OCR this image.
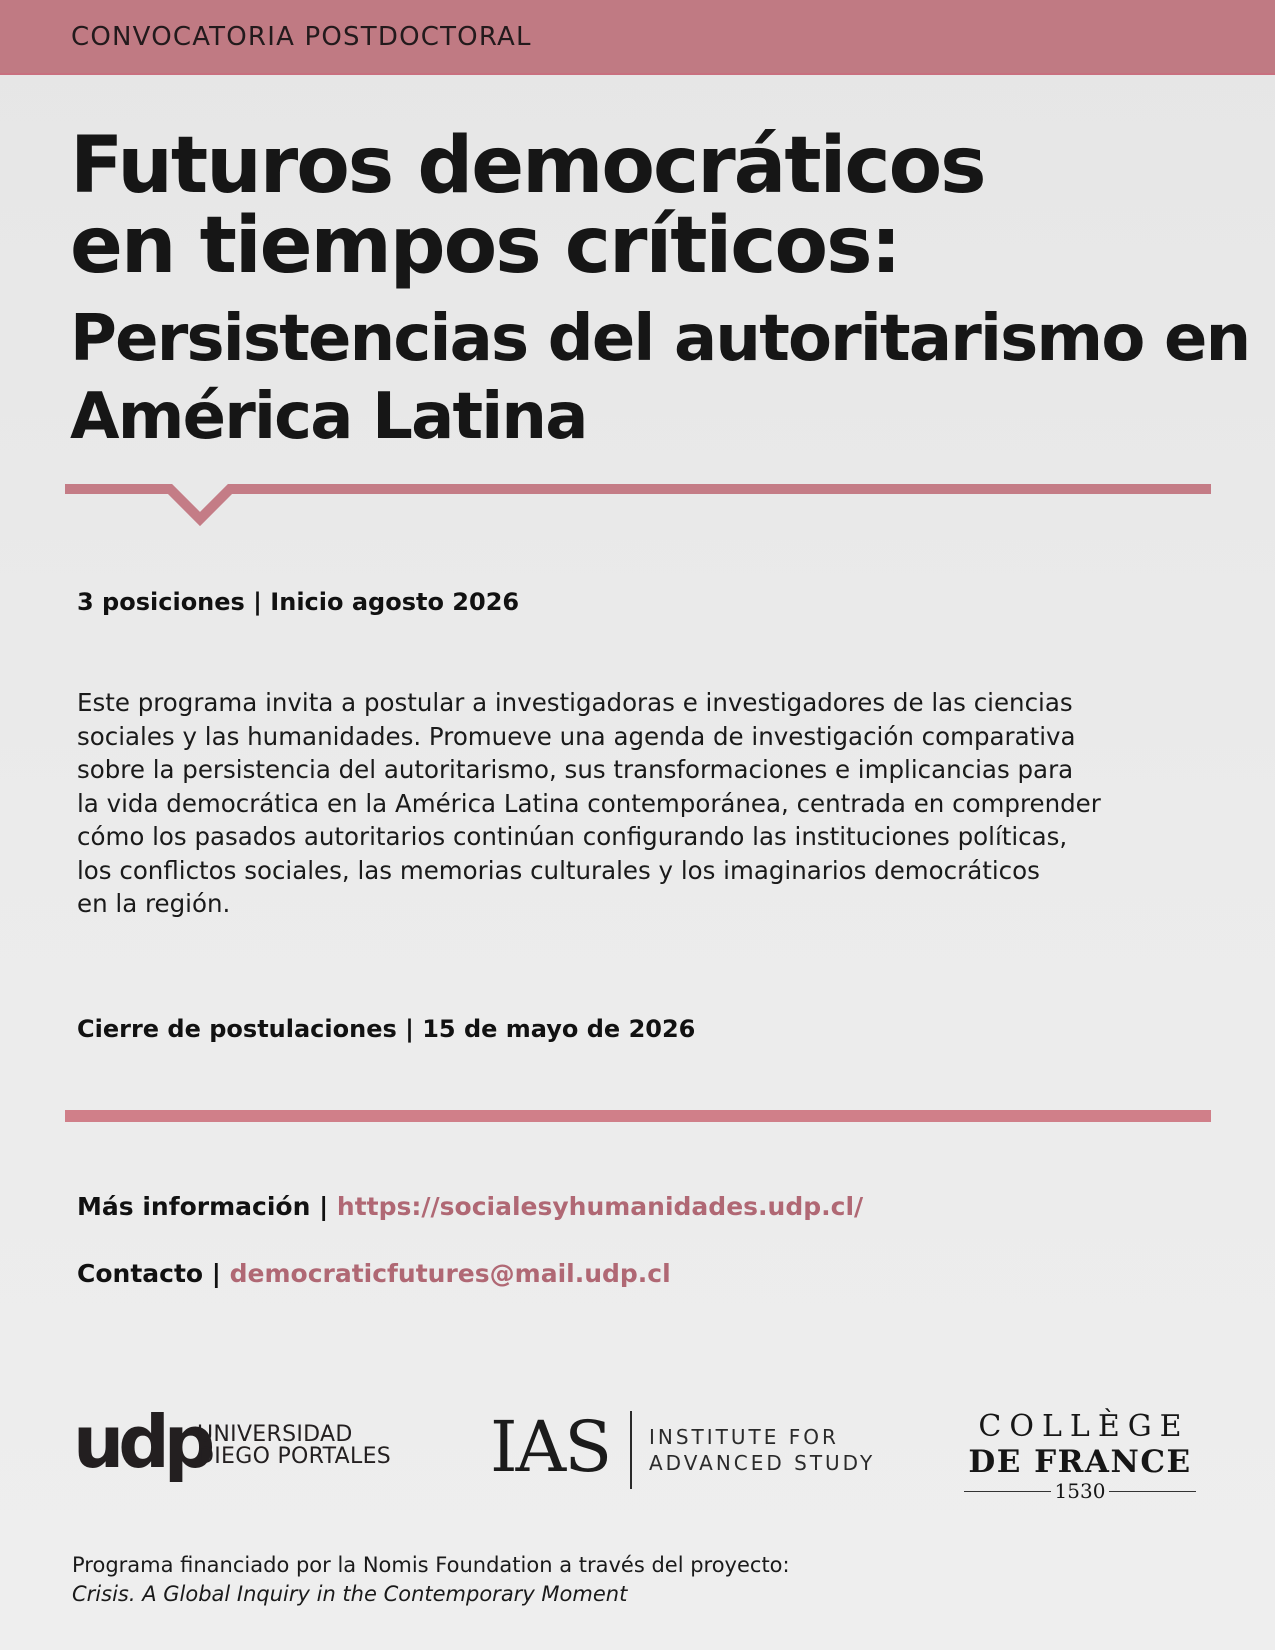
CONVOCATORIA POSTDOCTORAL
Futuros democráticos
en tiempos críticos:
Persistencias del autoritarismo en
América Latina
3 posiciones | Inicio agosto 2026

Este programa invita a postular a investigadoras e investigadores de las ciencias
sociales y las humanidades. Promueve una agenda de investigación comparativa
sobre la persistencia del autoritarismo, sus transformaciones e implicancias para
la vida democrática en la América Latina contemporánea, centrada en comprender
cómo los pasados autoritarios continúan configurando las instituciones políticas,
los conflictos sociales, las memorias culturales y los imaginarios democráticos
en la región.

Cierre de postulaciones | 15 de mayo de 2026
Más información | https://socialesyhumanidades.udp.cl/
Contacto | democraticfutures@mail.udp.cl
udp
UNIVERSIDAD
DIEGO PORTALES IAS INSTITUTE FOR
ADVANCED STUDY
COLLÈGE
DE FRANCE
1530
Programa financiado por la Nomis Foundation a través del proyecto:
Crisis. A Global Inquiry in the Contemporary Moment
